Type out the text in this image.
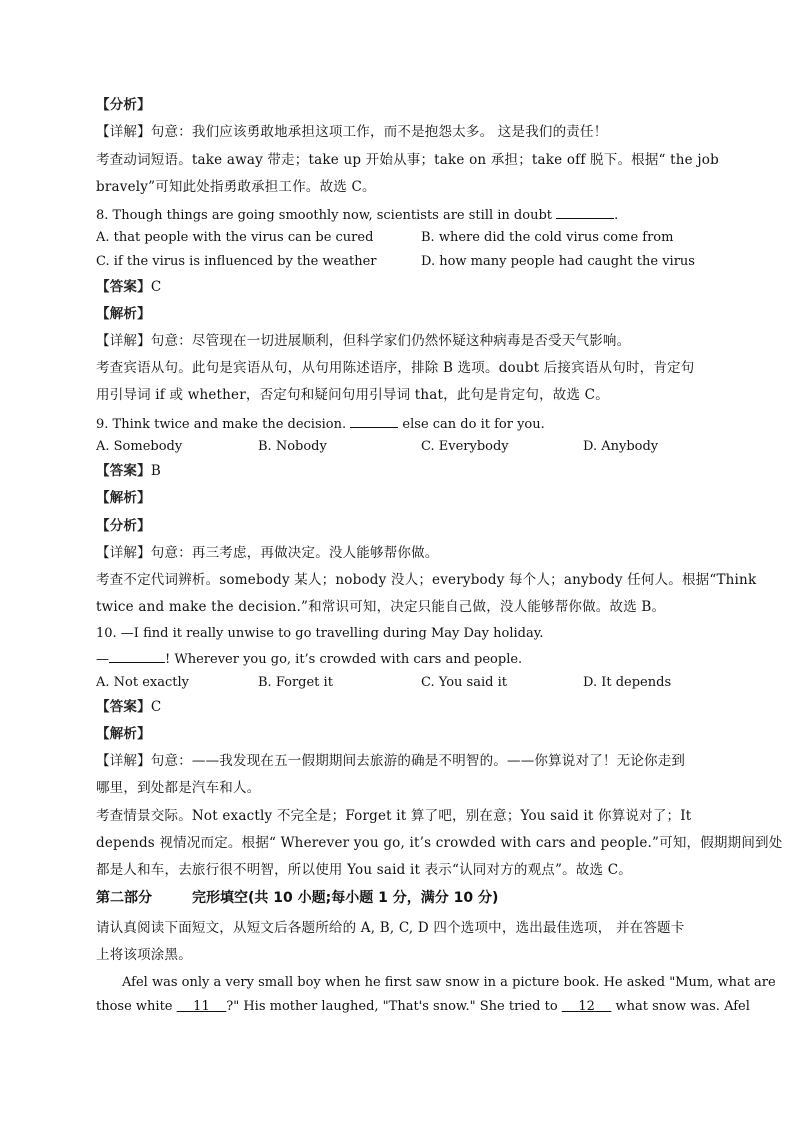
【分析】
【详解】句意：我们应该勇敢地承担这项工作，而不是抱怨太多。 这是我们的责任！
考查动词短语。take away 带走；take up 开始从事；take on 承担；take off 脱下。根据“ the job
bravely”可知此处指勇敢承担工作。故选 C。
8. Though things are going smoothly now, scientists are still in doubt	.
A. that people with the virus can be cured	B. where did the cold virus come from
C. if the virus is influenced by the weather	D. how many people had caught the virus
【答案】C
【解析】
【详解】句意：尽管现在一切进展顺利，但科学家们仍然怀疑这种病毒是否受天气影响。
考查宾语从句。此句是宾语从句，从句用陈述语序，排除 B 选项。doubt 后接宾语从句时，肯定句
用引导词 if 或 whether，否定句和疑问句用引导词 that，此句是肯定句，故选 C。
9. Think twice and make the decision.	else can do it for you.
A. Somebody	B. Nobody	C. Everybody	D. Anybody
【答案】B
【解析】
【分析】
【详解】句意：再三考虑，再做决定。没人能够帮你做。
考查不定代词辨析。somebody 某人；nobody 没人；everybody 每个人；anybody 任何人。根据“Think
twice and make the decision.”和常识可知，决定只能自己做，没人能够帮你做。故选 B。
10. —I find it really unwise to go travelling during May Day holiday.
—	! Wherever you go, it’s crowded with cars and people.
A. Not exactly	B. Forget it	C. You said it	D. It depends
【答案】C
【解析】
【详解】句意：——我发现在五一假期期间去旅游的确是不明智的。——你算说对了！无论你走到
哪里，到处都是汽车和人。
考查情景交际。Not exactly 不完全是；Forget it 算了吧，别在意；You said it 你算说对了；It
depends 视情况而定。根据“ Wherever you go, it’s crowded with cars and people.”可知，假期期间到处
都是人和车，去旅行很不明智，所以使用 You said it 表示“认同对方的观点”。故选 C。
第二部分	完形填空(共 10 小题;每小题 1 分，满分 10 分)
请认真阅读下面短文，从短文后各题所给的 A, B, C, D 四个选项中，选出最佳选项， 并在答题卡
上将该项涂黑。
Afel was only a very small boy when he first saw snow in a picture book. He asked "Mum, what are
those white     11 ?" His mother laughed, "That's snow." She tried to     12     what snow was. Afel
